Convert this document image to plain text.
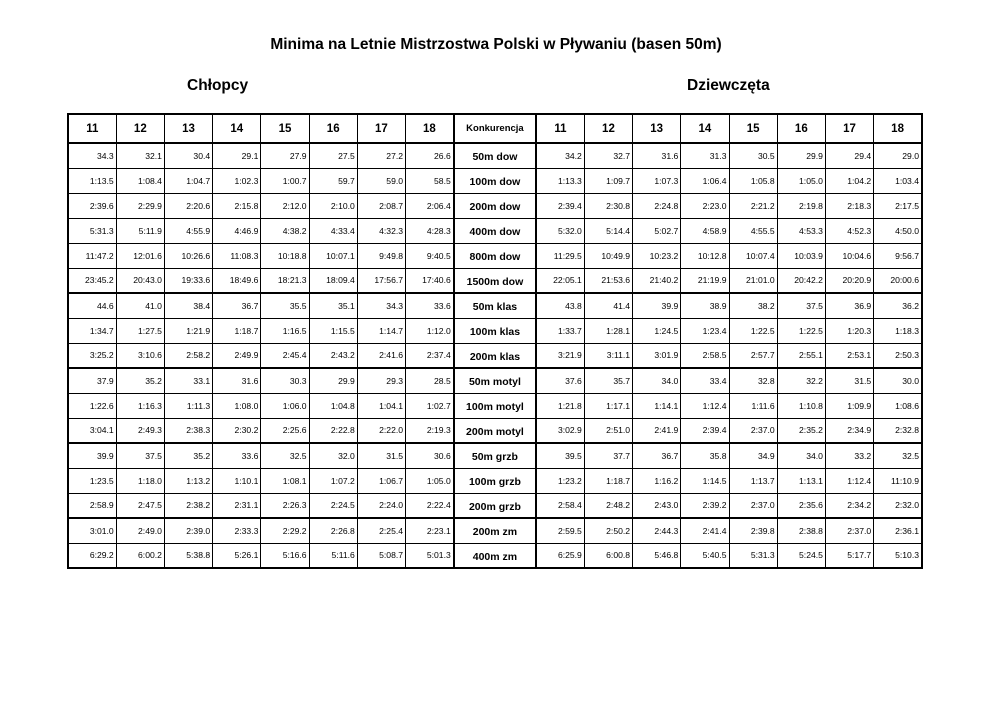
Minima na Letnie Mistrzostwa Polski w Pływaniu (basen 50m)
Chłopcy	Dziewczęta
11	12	13	14	15	16	17	18	Konkurencja	11	12	13	14	15	16	17	18
34.3	32.1	30.4	29.1	27.9	27.5	27.2	26.6	50m dow	34.2	32.7	31.6	31.3	30.5	29.9	29.4	29.0
1:13.5	1:08.4	1:04.7	1:02.3	1:00.7	59.7	59.0	58.5	100m dow	1:13.3	1:09.7	1:07.3	1:06.4	1:05.8	1:05.0	1:04.2	1:03.4
2:39.6	2:29.9	2:20.6	2:15.8	2:12.0	2:10.0	2:08.7	2:06.4	200m dow	2:39.4	2:30.8	2:24.8	2:23.0	2:21.2	2:19.8	2:18.3	2:17.5
5:31.3	5:11.9	4:55.9	4:46.9	4:38.2	4:33.4	4:32.3	4:28.3	400m dow	5:32.0	5:14.4	5:02.7	4:58.9	4:55.5	4:53.3	4:52.3	4:50.0
11:47.2	12:01.6	10:26.6	11:08.3	10:18.8	10:07.1	9:49.8	9:40.5	800m dow	11:29.5	10:49.9	10:23.2	10:12.8	10:07.4	10:03.9	10:04.6	9:56.7
23:45.2	20:43.0	19:33.6	18:49.6	18:21.3	18:09.4	17:56.7	17:40.6	1500m dow	22:05.1	21:53.6	21:40.2	21:19.9	21:01.0	20:42.2	20:20.9	20:00.6
44.6	41.0	38.4	36.7	35.5	35.1	34.3	33.6	50m klas	43.8	41.4	39.9	38.9	38.2	37.5	36.9	36.2
1:34.7	1:27.5	1:21.9	1:18.7	1:16.5	1:15.5	1:14.7	1:12.0	100m klas	1:33.7	1:28.1	1:24.5	1:23.4	1:22.5	1:22.5	1:20.3	1:18.3
3:25.2	3:10.6	2:58.2	2:49.9	2:45.4	2:43.2	2:41.6	2:37.4	200m klas	3:21.9	3:11.1	3:01.9	2:58.5	2:57.7	2:55.1	2:53.1	2:50.3
37.9	35.2	33.1	31.6	30.3	29.9	29.3	28.5	50m motyl	37.6	35.7	34.0	33.4	32.8	32.2	31.5	30.0
1:22.6	1:16.3	1:11.3	1:08.0	1:06.0	1:04.8	1:04.1	1:02.7	100m motyl	1:21.8	1:17.1	1:14.1	1:12.4	1:11.6	1:10.8	1:09.9	1:08.6
3:04.1	2:49.3	2:38.3	2:30.2	2:25.6	2:22.8	2:22.0	2:19.3	200m motyl	3:02.9	2:51.0	2:41.9	2:39.4	2:37.0	2:35.2	2:34.9	2:32.8
39.9	37.5	35.2	33.6	32.5	32.0	31.5	30.6	50m grzb	39.5	37.7	36.7	35.8	34.9	34.0	33.2	32.5
1:23.5	1:18.0	1:13.2	1:10.1	1:08.1	1:07.2	1:06.7	1:05.0	100m grzb	1:23.2	1:18.7	1:16.2	1:14.5	1:13.7	1:13.1	1:12.4	11:10.9
2:58.9	2:47.5	2:38.2	2:31.1	2:26.3	2:24.5	2:24.0	2:22.4	200m grzb	2:58.4	2:48.2	2:43.0	2:39.2	2:37.0	2:35.6	2:34.2	2:32.0
3:01.0	2:49.0	2:39.0	2:33.3	2:29.2	2:26.8	2:25.4	2:23.1	200m zm	2:59.5	2:50.2	2:44.3	2:41.4	2:39.8	2:38.8	2:37.0	2:36.1
6:29.2	6:00.2	5:38.8	5:26.1	5:16.6	5:11.6	5:08.7	5:01.3	400m zm	6:25.9	6:00.8	5:46.8	5:40.5	5:31.3	5:24.5	5:17.7	5:10.3
